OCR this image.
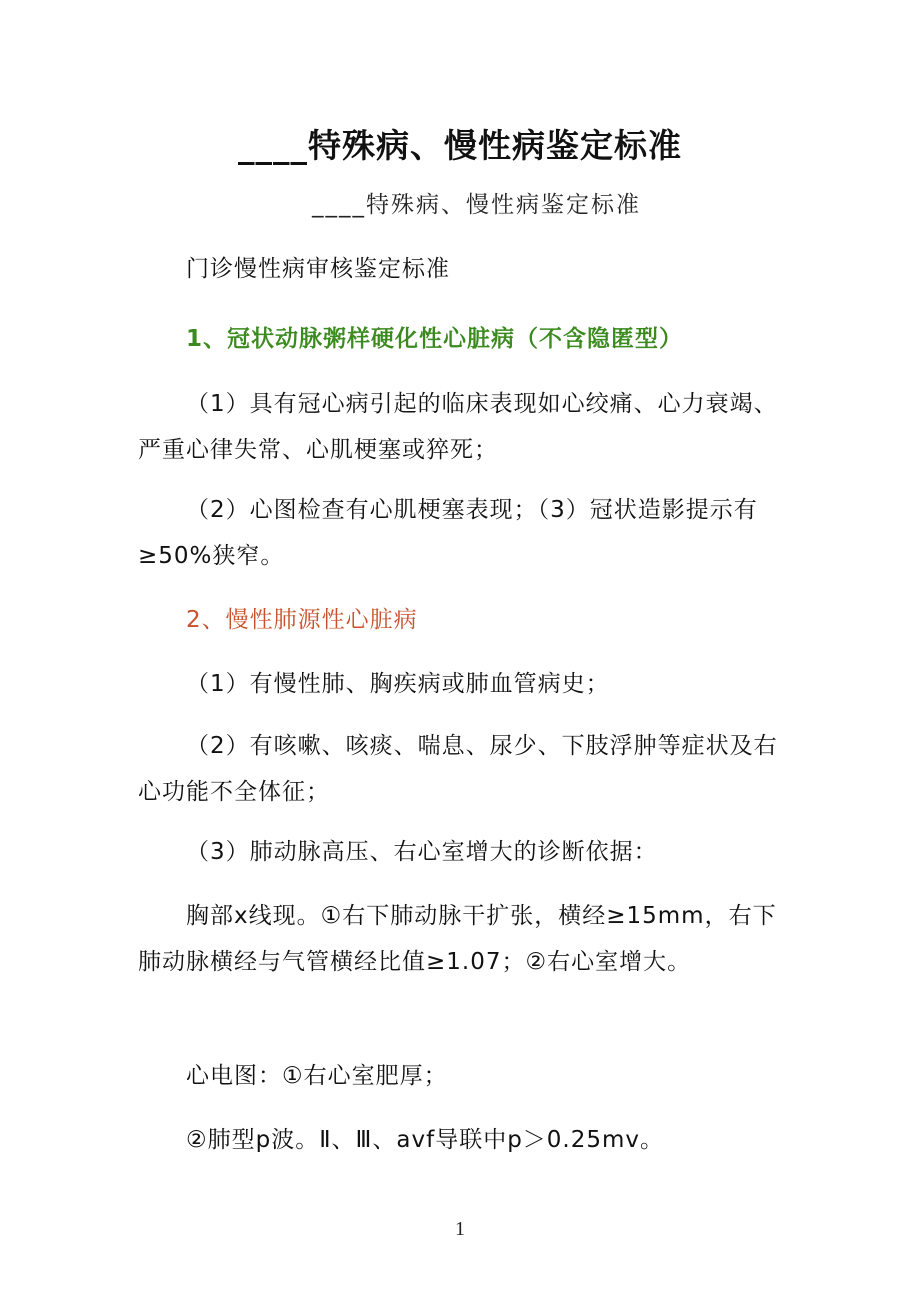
____特殊病、慢性病鉴定标准
____特殊病、慢性病鉴定标准
门诊慢性病审核鉴定标准
1、冠状动脉粥样硬化性心脏病（不含隐匿型）
（1）具有冠心病引起的临床表现如心绞痛、心力衰竭、严重心律失常、心肌梗塞或猝死；
（2）心图检查有心肌梗塞表现；（3）冠状造影提示有≥50%狭窄。
2、慢性肺源性心脏病
（1）有慢性肺、胸疾病或肺血管病史；
（2）有咳嗽、咳痰、喘息、尿少、下肢浮肿等症状及右心功能不全体征；
（3）肺动脉高压、右心室增大的诊断依据：
胸部x线现。①右下肺动脉干扩张，横经≥15mm，右下肺动脉横经与气管横经比值≥1.07；②右心室增大。
心电图：①右心室肥厚；
②肺型p波。Ⅱ、Ⅲ、avf导联中p＞0.25mv。
1
